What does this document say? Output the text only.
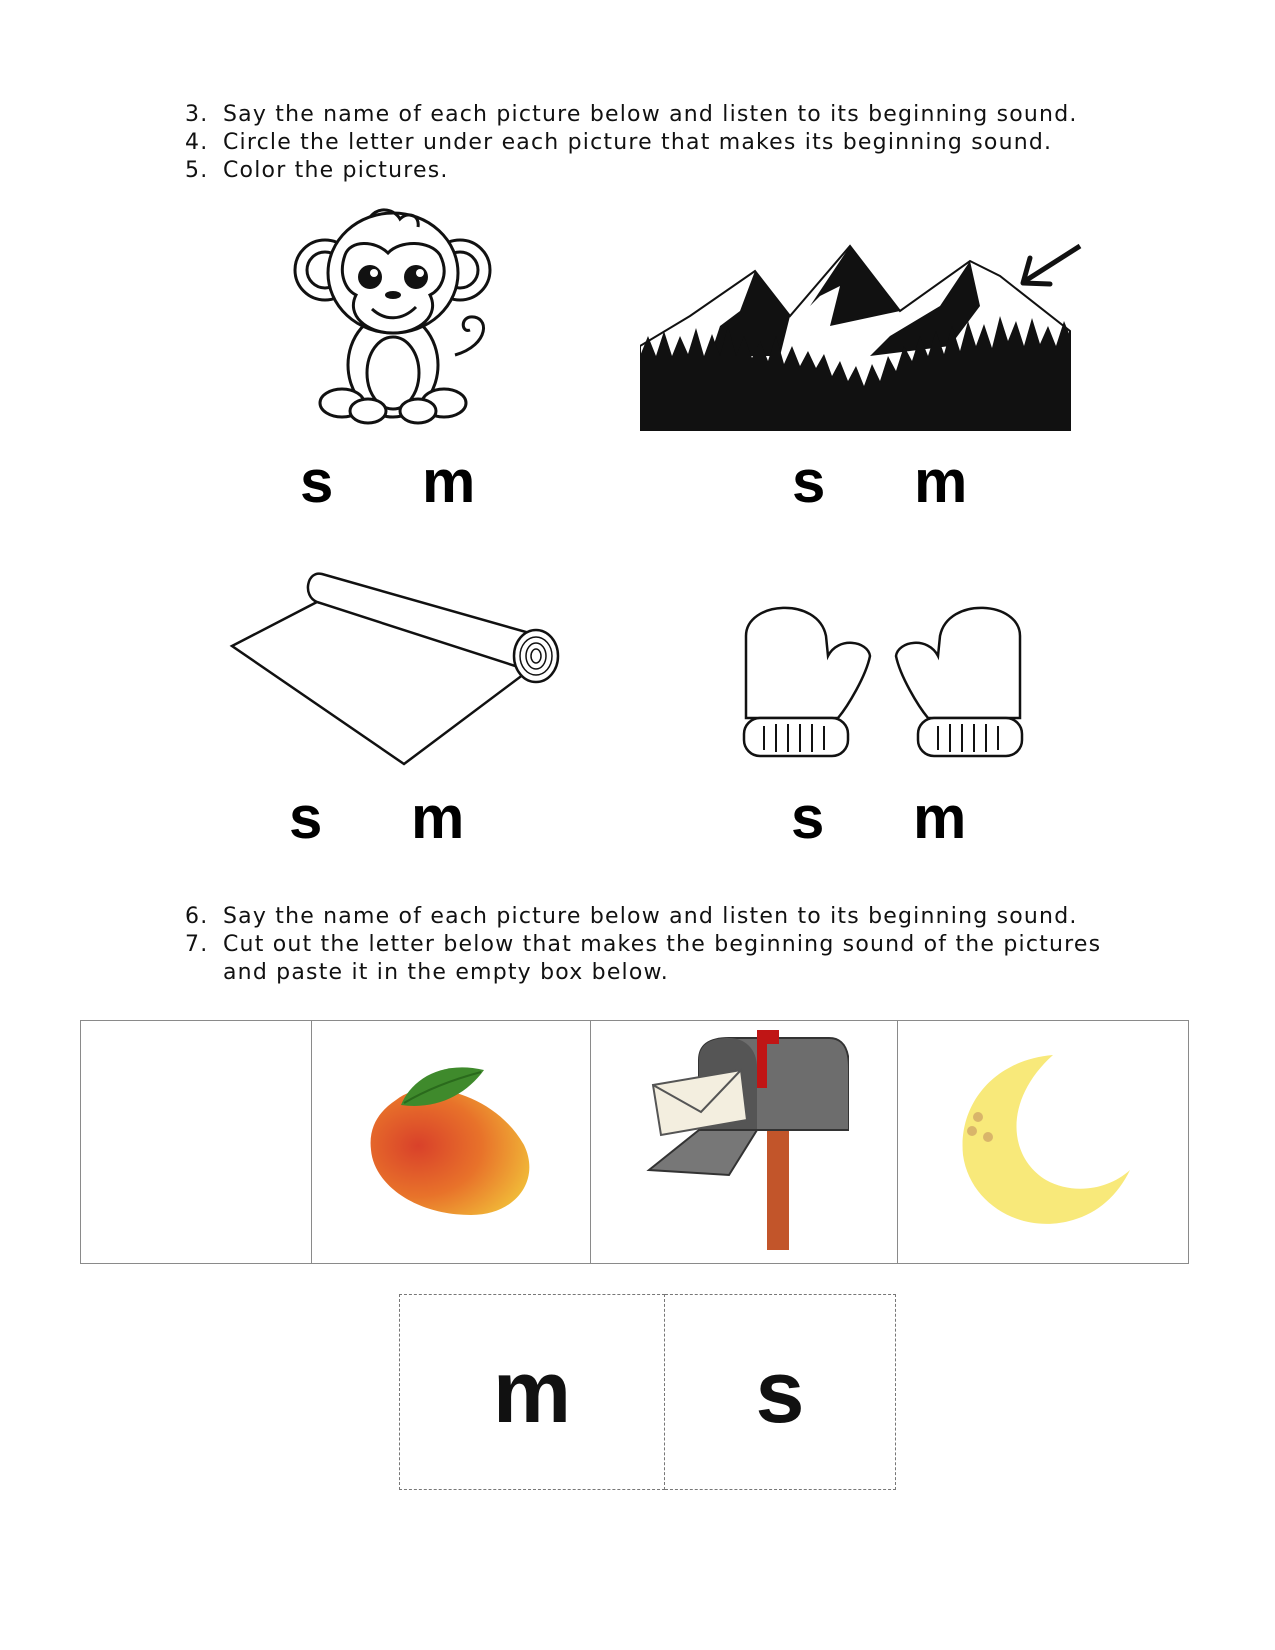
3. Say the name of each picture below and listen to its beginning sound.
4. Circle the letter under each picture that makes its beginning sound.
5. Color the pictures.
s m	s m
s m	s m
6. Say the name of each picture below and listen to its beginning sound.
7. Cut out the letter below that makes the beginning sound of the pictures and paste it in the empty box below.

m	s
